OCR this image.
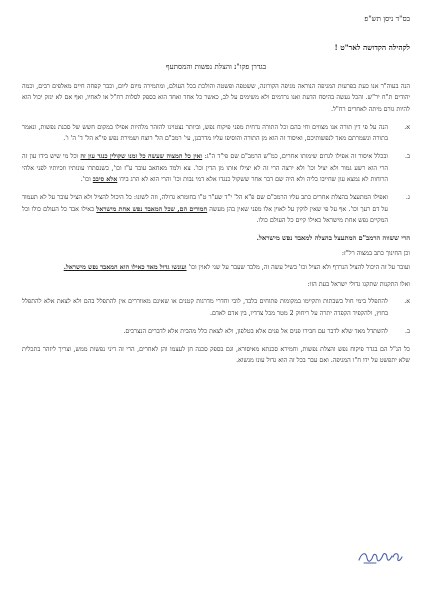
בס"ד ניסן תש"פ
לקהילה הקדושה לאר"ט !
בגדרן פקו"נ והצלת נפשות והמסתעף

הנה בעוה"ר אנו כעת בפרעות המגיפה הנוראה מגיפה הקורונה, ששטפה ופשטה והולכת בכל העולם, ומתמירה מיום ליום, וכבר קפחה חיים מאלפים רבים, וכמה יהודים ת"ח יר"ש. והכל נעשה בהיסח הדעת ואנו נרדמים ולא משימים על לב, כאשר כל אחד ואחד הוא בספק לסלות רח"ל או לאחיו, ואף אם לא ינזק יכול הוא להיות גורם מיתה לאחרים רח"ל.

א.
הנה על פי דין תורה אנו מצווים וחי בהם וכל התורה נדחית מפני פיקוח נפש, וביותר נצטוינו להזהר מלהיות אפילו במקום חשש של סכנת נפשות, ונאמר בתורה ונשמרתם מאד לנפשותיכם, ואיסור זה הוא מן התורה והוסיפו עליו מדרבנן, עי' רמב"ם הל' רוצח ושמירת נפש פי"א הל' ד' ה' ו'.
ב.
ובכלל איסור זה אפילו לגרום שימותו אחרים, כמ"ש הרמב"ם שם פי"ד ה"ג: ואין כל המצוה שעשה כל זמנו שקולין כנגד עון זה וכל מי שיש בידו עון זה הרי הוא רשע גמור ולא יציל וכו' ולא ירצה הרי זה לא יצילו אותו מן הדין וכו'. צא ולמד מאחאב עובד ע"ז וכו', כשנסתרו עונותיו וזכיותיו לפני אלהי הרוחות לא נמצא עון שחייבו כליה ולא היה שם דבר אחר ששקול כנגדו אלא דמי נבות וכו' והרי הוא לא הרג בידו אלא סיבב וכו'.
ג.
ואפילו המתעצל בהצלת אחרים כתב עליו הרמב"ם שם פ"א הל' י"ד שע"ר ט"ו בחומרא גדולה, וזה לשונו: כל היכול להציל ולא הציל עובר על לא תעמוד על דם רעך וכו'. אף על פי שאין לוקין על לאוין אלו מפני שאין בהן מעשה חמורים הם, שכל המאבד נפש אחת מישראל כאילו אבד כל העולם כולו וכל המקיים נפש אחת מישראל כאילו קיים כל העולם כולו.
הרי ששווה הרמב"ם המתעצל בהצלה למאבד נפש מישראל.
וכן החינוך כתב במצוה רל"ז:
ועובר על זה היכול להציל הנרדף ולא הציל וכו' בשיל עשה זה, מלבד שעבר על שני לאוין וכו' ועונשו גדול מאד כאילו הוא המאבד נפש מישראל.
ואלו התקנות שתקנו גדולי ישראל בעת הזו:
א.
להתפלל בימי חול בשבתות ותקיימו במקומות פתוחים בלבד, לובי וחדרי מדרגות קטנים או שאינם מאווררים אין להתפלל בהם ולא לצאת אלא להתפלל בחוץ, ולהקפיד הקפדה יתרה על ריחוק 2 מטר מכל צדדיו, בין אדם לאדם.
ב.
להשתדל מאד שלא לדבר עם חבירו פנים אל פנים אלא בטלפון, ולא לצאת כלל מהבית אלא לדברים הנצרכים.

כל הנ"ל הם בגדר פיקוח נפש והצלת נפשות, וחמירא סכנתא מאיסורא, וגם בספק סכנה חן לעצמו והן לאחרים, הרי זה דיני נפשות ממש, וצריך ליזהר בתכלית שלא יתפשט על ידו ח"ו המגיפה. ואם עבר בכל זה הוא גדול עונו מנשוא.
